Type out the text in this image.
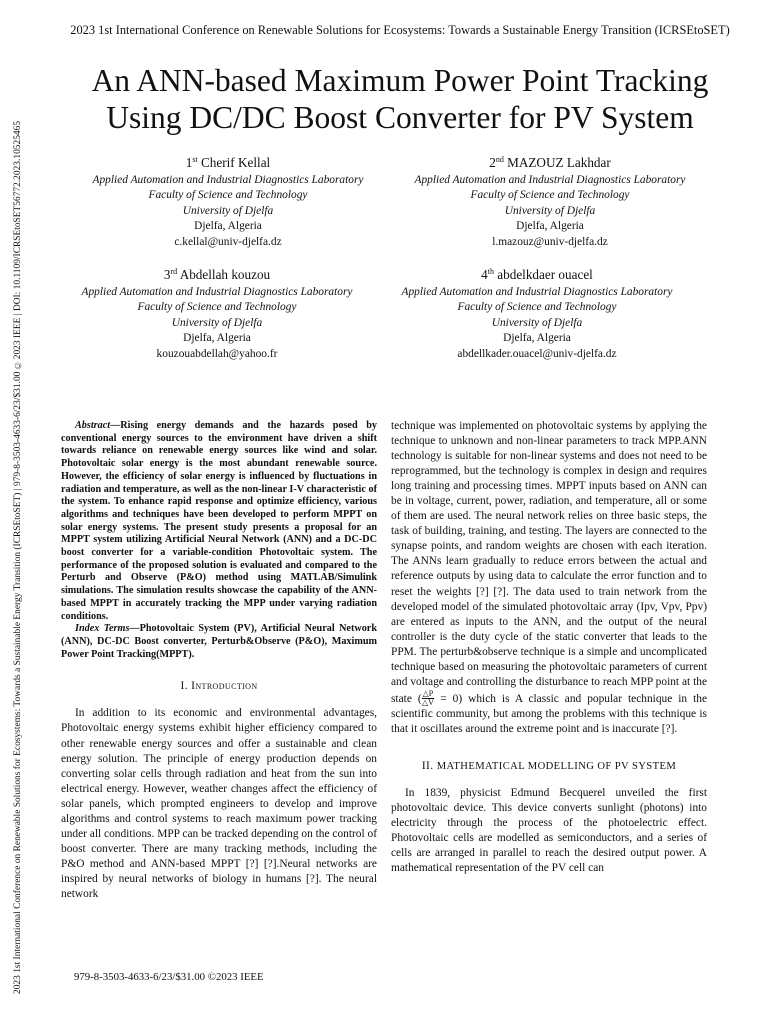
2023 1st International Conference on Renewable Solutions for Ecosystems: Towards a Sustainable Energy Transition (ICRSEtoSET) | 979-8-3503-4633-6/23/$31.00 ©2023 IEEE | DOI: 10.1109/ICRSEtoSET56772.2023.10525465
2023 1st International Conference on Renewable Solutions for Ecosystems: Towards a Sustainable Energy Transition (ICRSEtoSET)
An ANN-based Maximum Power Point Tracking
Using DC/DC Boost Converter for PV System
1st Cherif Kellal
Applied Automation and Industrial Diagnostics Laboratory
Faculty of Science and Technology
University of Djelfa
Djelfa, Algeria
c.kellal@univ-djelfa.dz
2nd MAZOUZ Lakhdar
Applied Automation and Industrial Diagnostics Laboratory
Faculty of Science and Technology
University of Djelfa
Djelfa, Algeria
l.mazouz@univ-djelfa.dz
3rd Abdellah kouzou
Applied Automation and Industrial Diagnostics Laboratory
Faculty of Science and Technology
University of Djelfa
Djelfa, Algeria
kouzouabdellah@yahoo.fr
4th abdelkdaer ouacel
Applied Automation and Industrial Diagnostics Laboratory
Faculty of Science and Technology
University of Djelfa
Djelfa, Algeria
abdellkader.ouacel@univ-djelfa.dz

Abstract—Rising energy demands and the hazards posed by conventional energy sources to the environment have driven a shift towards reliance on renewable energy sources like wind and solar. Photovoltaic solar energy is the most abundant renewable source. However, the efficiency of solar energy is influenced by fluctuations in radiation and temperature, as well as the non-linear I-V characteristic of the system. To enhance rapid response and optimize efficiency, various algorithms and techniques have been developed to perform MPPT on solar energy systems. The present study presents a proposal for an MPPT system utilizing Artificial Neural Network (ANN) and a DC-DC boost converter for a variable-condition Photovoltaic system. The performance of the proposed solution is evaluated and compared to the Perturb and Observe (P&O) method using MATLAB/Simulink simulations. The simulation results showcase the capability of the ANN-based MPPT in accurately tracking the MPP under varying radiation conditions.

Index Terms—Photovoltaic System (PV), Artificial Neural Network (ANN), DC-DC Boost converter, Perturb&Observe (P&O), Maximum Power Point Tracking(MPPT).

I. Introduction

In addition to its economic and environmental advantages, Photovoltaic energy systems exhibit higher efficiency compared to other renewable energy sources and offer a sustainable and clean energy solution. The principle of energy production depends on converting solar cells through radiation and heat from the sun into electrical energy. However, weather changes affect the efficiency of solar panels, which prompted engineers to develop and improve algorithms and control systems to reach maximum power tracking under all conditions. MPP can be tracked depending on the control of boost converter. There are many tracking methods, including the P&O method and ANN-based MPPT [?] [?].Neural networks are inspired by neural networks of biology in humans [?]. The neural network

technique was implemented on photovoltaic systems by applying the technique to unknown and non-linear parameters to track MPP.ANN technology is suitable for non-linear systems and does not need to be reprogrammed, but the technology is complex in design and requires long training and processing times. MPPT inputs based on ANN can be in voltage, current, power, radiation, and temperature, all or some of them are used. The neural network relies on three basic steps, the task of building, training, and testing. The layers are connected to the synapse points, and random weights are chosen with each iteration. The ANNs learn gradually to reduce errors between the actual and reference outputs by using data to calculate the error function and to reset the weights [?] [?]. The data used to train network from the developed model of the simulated photovoltaic array (Ipv, Vpv, Ppv) are entered as inputs to the ANN, and the output of the neural controller is the duty cycle of the static converter that leads to the PPM. The perturb&observe technique is a simple and uncomplicated technique based on measuring the photovoltaic parameters of current and voltage and controlling the disturbance to reach MPP point at the state ( $\frac{\triangle P}{\triangle V} = 0$) which is A classic and popular technique in the scientific community, but among the problems with this technique is that it oscillates around the extreme point and is inaccurate [?].

II. MATHEMATICAL MODELLING OF PV SYSTEM

In 1839, physicist Edmund Becquerel unveiled the first photovoltaic device. This device converts sunlight (photons) into electricity through the process of the photoelectric effect. Photovoltaic cells are modelled as semiconductors, and a series of cells are arranged in parallel to reach the desired output power. A mathematical representation of the PV cell can

979-8-3503-4633-6/23/$31.00 ©2023 IEEE
